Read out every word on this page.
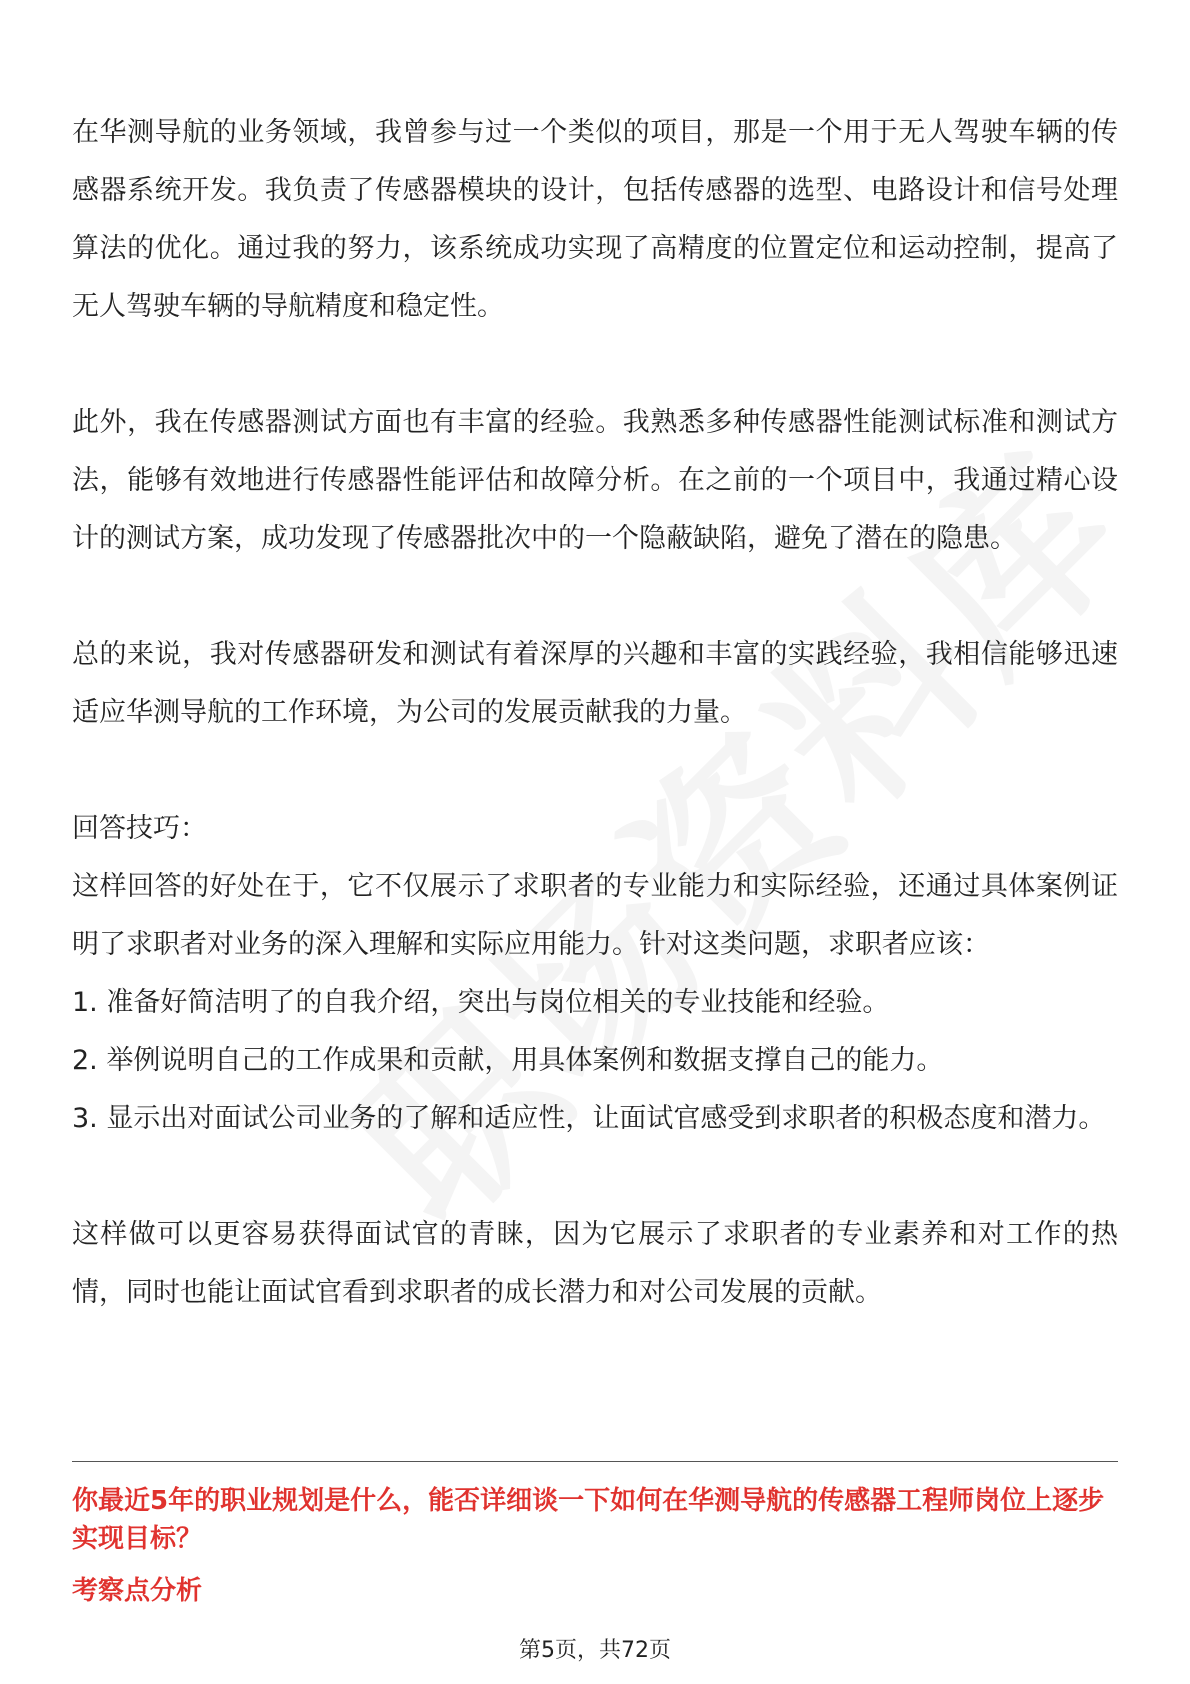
在华测导航的业务领域，我曾参与过一个类似的项目，那是一个用于无人驾驶车辆的传感器系统开发。我负责了传感器模块的设计，包括传感器的选型、电路设计和信号处理算法的优化。通过我的努力，该系统成功实现了高精度的位置定位和运动控制，提高了无人驾驶车辆的导航精度和稳定性。

此外，我在传感器测试方面也有丰富的经验。我熟悉多种传感器性能测试标准和测试方法，能够有效地进行传感器性能评估和故障分析。在之前的一个项目中，我通过精心设计的测试方案，成功发现了传感器批次中的一个隐蔽缺陷，避免了潜在的隐患。

总的来说，我对传感器研发和测试有着深厚的兴趣和丰富的实践经验，我相信能够迅速适应华测导航的工作环境，为公司的发展贡献我的力量。

回答技巧：

这样回答的好处在于，它不仅展示了求职者的专业能力和实际经验，还通过具体案例证明了求职者对业务的深入理解和实际应用能力。针对这类问题，求职者应该：

1. 准备好简洁明了的自我介绍，突出与岗位相关的专业技能和经验。

2. 举例说明自己的工作成果和贡献，用具体案例和数据支撑自己的能力。

3. 显示出对面试公司业务的了解和适应性，让面试官感受到求职者的积极态度和潜力。

这样做可以更容易获得面试官的青睐，因为它展示了求职者的专业素养和对工作的热情，同时也能让面试官看到求职者的成长潜力和对公司发展的贡献。

你最近5年的职业规划是什么，能否详细谈一下如何在华测导航的传感器工程师岗位上逐步实现目标？

考察点分析

第5页，共72页
